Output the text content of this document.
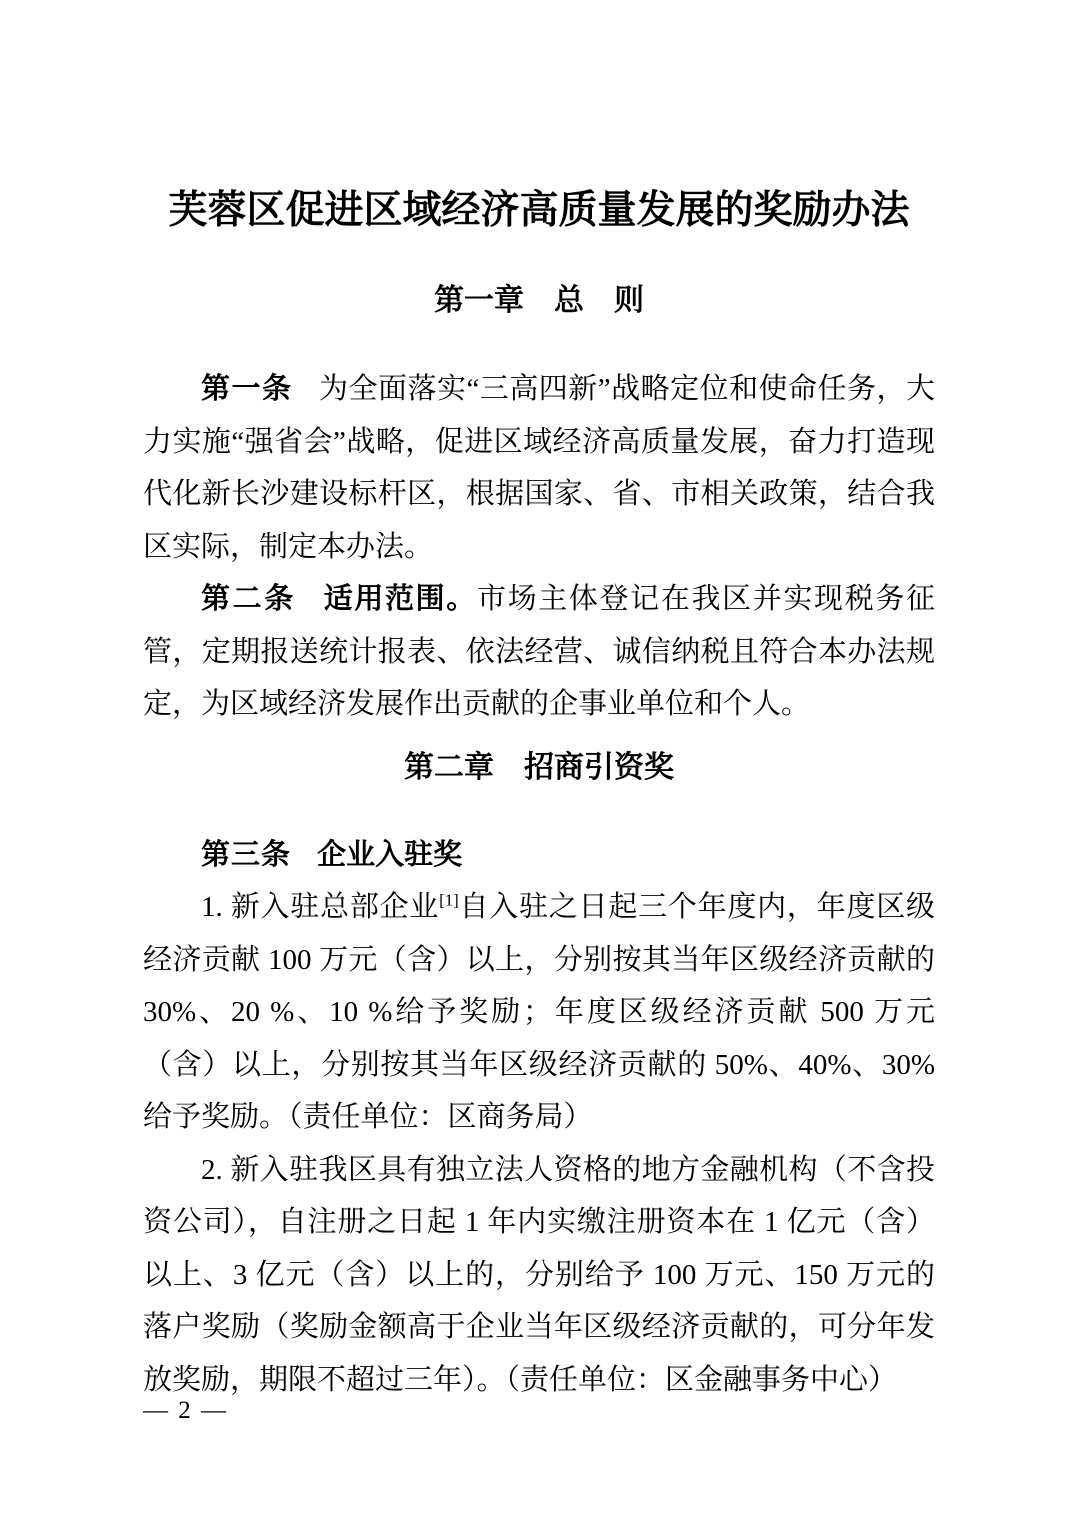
芙蓉区促进区域经济高质量发展的奖励办法
第一章　总　则

第一条 为全面落实“三高四新”战略定位和使命任务，大力实施“强省会”战略，促进区域经济高质量发展，奋力打造现代化新长沙建设标杆区，根据国家、省、市相关政策，结合我区实际，制定本办法。

第二条 适用范围。市场主体登记在我区并实现税务征管，定期报送统计报表、依法经营、诚信纳税且符合本办法规定，为区域经济发展作出贡献的企事业单位和个人。

第二章　招商引资奖

第三条 企业入驻奖

1. 新入驻总部企业[1]自入驻之日起三个年度内，年度区级经济贡献 100 万元（含）以上，分别按其当年区级经济贡献的 30%、20 %、10 %给予奖励；年度区级经济贡献 500 万元（含）以上，分别按其当年区级经济贡献的 50%、40%、30%给予奖励。（责任单位：区商务局）

2. 新入驻我区具有独立法人资格的地方金融机构（不含投资公司），自注册之日起 1 年内实缴注册资本在 1 亿元（含）以上、3 亿元（含）以上的，分别给予 100 万元、150 万元的落户奖励（奖励金额高于企业当年区级经济贡献的，可分年发放奖励，期限不超过三年）。（责任单位：区金融事务中心）

— 2 —
